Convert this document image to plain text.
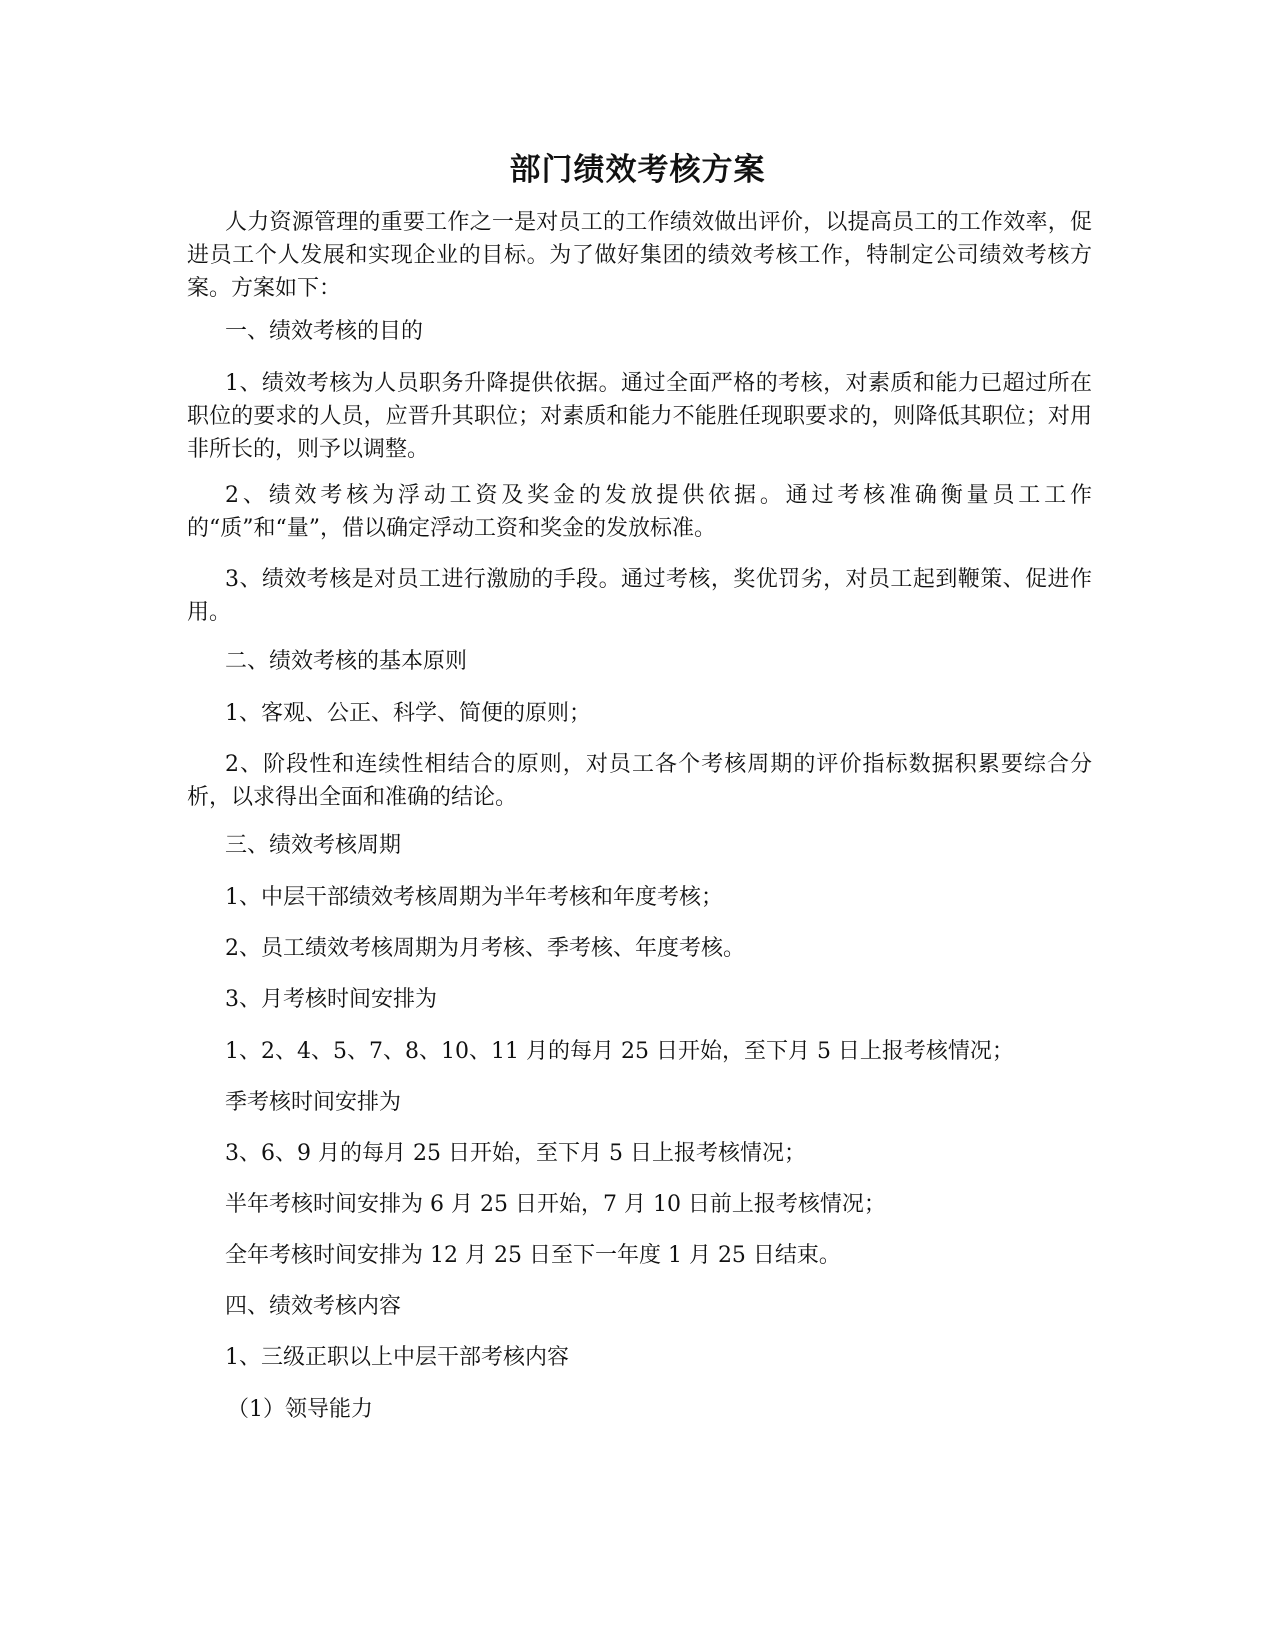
部门绩效考核方案
人力资源管理的重要工作之一是对员工的工作绩效做出评价，以提高员工的工作效率，促进员工个人发展和实现企业的目标。为了做好集团的绩效考核工作，特制定公司绩效考核方案。方案如下：
一、绩效考核的目的
1、绩效考核为人员职务升降提供依据。通过全面严格的考核，对素质和能力已超过所在职位的要求的人员，应晋升其职位；对素质和能力不能胜任现职要求的，则降低其职位；对用非所长的，则予以调整。
2、绩效考核为浮动工资及奖金的发放提供依据。通过考核准确衡量员工工作的“质”和“量”，借以确定浮动工资和奖金的发放标准。
3、绩效考核是对员工进行激励的手段。通过考核，奖优罚劣，对员工起到鞭策、促进作用。
二、绩效考核的基本原则
1、客观、公正、科学、简便的原则；
2、阶段性和连续性相结合的原则，对员工各个考核周期的评价指标数据积累要综合分析，以求得出全面和准确的结论。
三、绩效考核周期
1、中层干部绩效考核周期为半年考核和年度考核；
2、员工绩效考核周期为月考核、季考核、年度考核。
3、月考核时间安排为
1、2、4、5、7、8、10、11 月的每月 25 日开始，至下月 5 日上报考核情况；
季考核时间安排为
3、6、9 月的每月 25 日开始，至下月 5 日上报考核情况；
半年考核时间安排为 6 月 25 日开始，7 月 10 日前上报考核情况；
全年考核时间安排为 12 月 25 日至下一年度 1 月 25 日结束。
四、绩效考核内容
1、三级正职以上中层干部考核内容
（1）领导能力
